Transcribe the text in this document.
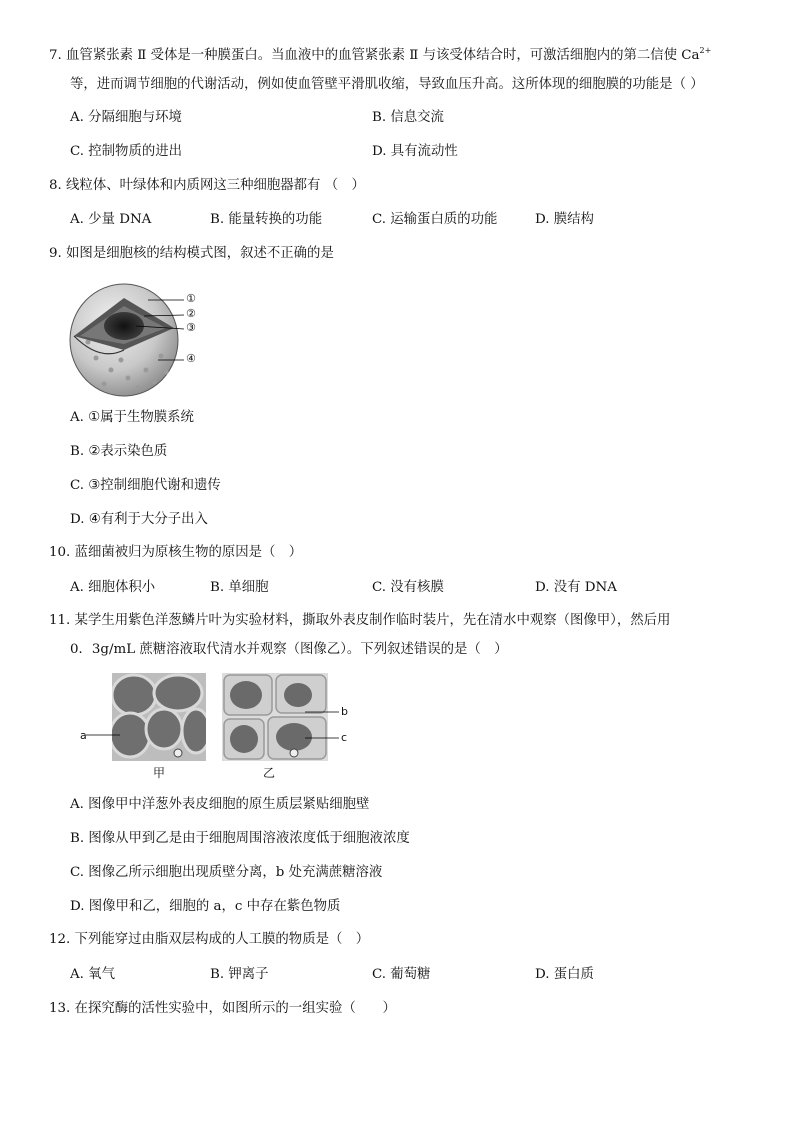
7. 血管紧张素 Ⅱ 受体是一种膜蛋白。当血液中的血管紧张素 Ⅱ 与该受体结合时，可激活细胞内的第二信使 $Ca^{2+}$
等，进而调节细胞的代谢活动，例如使血管壁平滑肌收缩，导致血压升高。这所体现的细胞膜的功能是（ ）
A. 分隔细胞与环境	B. 信息交流
C. 控制物质的进出	D. 具有流动性
8. 线粒体、叶绿体和内质网这三种细胞器都有 （　）
A. 少量 DNA	B. 能量转换的功能	C. 运输蛋白质的功能	D. 膜结构
9. 如图是细胞核的结构模式图，叙述不正确的是
①
②
③
④
A. ①属于生物膜系统
B. ②表示染色质
C. ③控制细胞代谢和遗传
D. ④有利于大分子出入
10. 蓝细菌被归为原核生物的原因是（　）
A. 细胞体积小	B. 单细胞	C. 没有核膜	D. 没有 DNA
11. 某学生用紫色洋葱鳞片叶为实验材料，撕取外表皮制作临时装片，先在清水中观察（图像甲），然后用
0．3g/mL 蔗糖溶液取代清水并观察（图像乙）。下列叙述错误的是（　）
a
甲
b
c
乙
A. 图像甲中洋葱外表皮细胞的原生质层紧贴细胞壁
B. 图像从甲到乙是由于细胞周围溶液浓度低于细胞液浓度
C. 图像乙所示细胞出现质壁分离，b 处充满蔗糖溶液
D. 图像甲和乙，细胞的 a，c 中存在紫色物质
12. 下列能穿过由脂双层构成的人工膜的物质是（　）
A. 氧气	B. 钾离子	C. 葡萄糖	D. 蛋白质
13. 在探究酶的活性实验中，如图所示的一组实验（　　）
